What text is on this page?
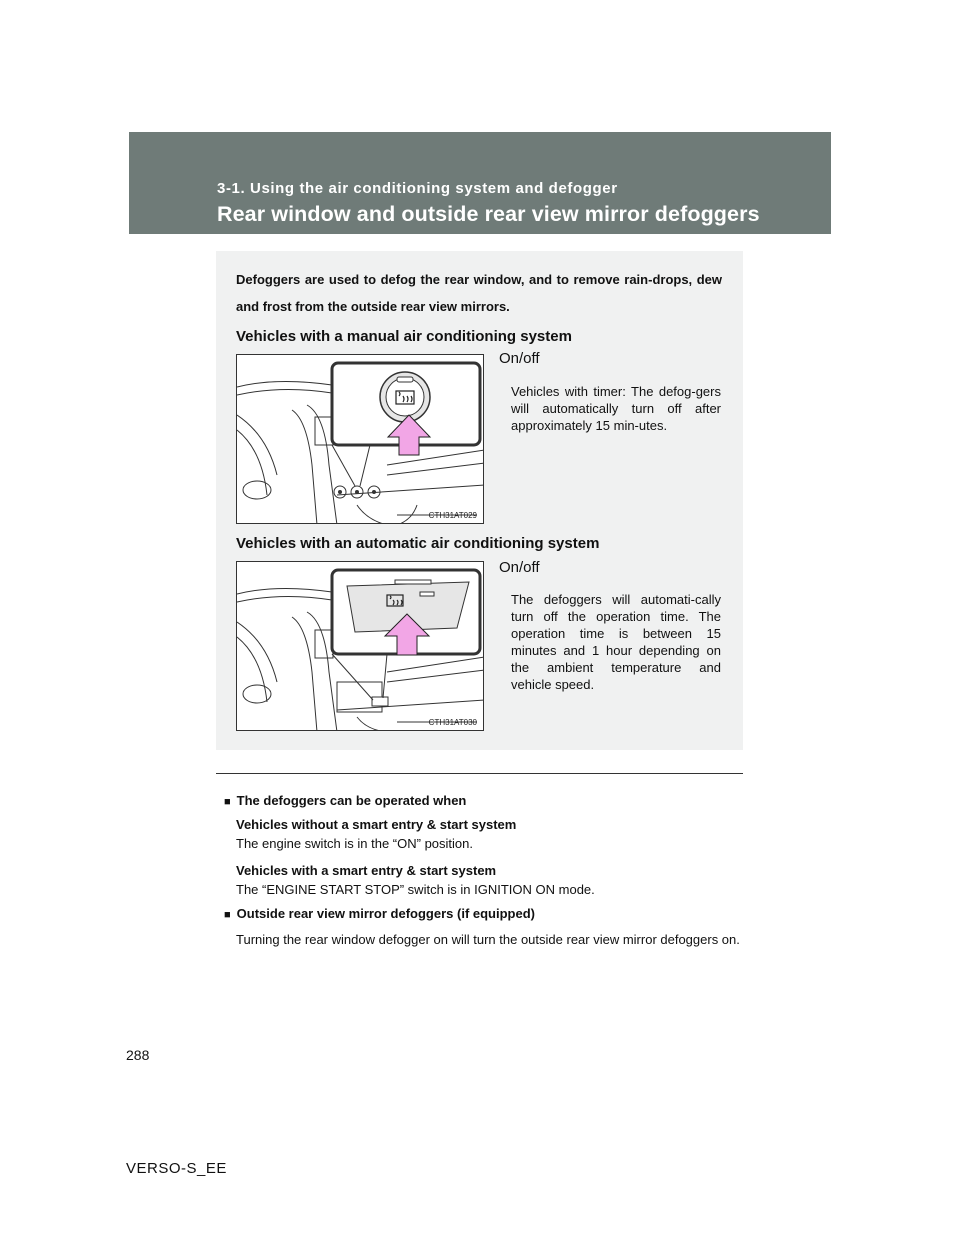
3-1. Using the air conditioning system and defogger
Rear window and outside rear view mirror defoggers
Defoggers are used to defog the rear window, and to remove rain-drops, dew and frost from the outside rear view mirrors.
Vehicles with a manual air conditioning system
CTH31AT029
On/off
Vehicles with timer: The defog-gers will automatically turn off after approximately 15 min-utes.
Vehicles with an automatic air conditioning system
CTH31AT030
On/off
The defoggers will automati-cally turn off the operation time. The operation time is between 15 minutes and 1 hour depending on the ambient temperature and vehicle speed.
■ The defoggers can be operated when
Vehicles without a smart entry & start system
The engine switch is in the “ON” position.
Vehicles with a smart entry & start system
The “ENGINE START STOP” switch is in IGNITION ON mode.
■ Outside rear view mirror defoggers (if equipped)
Turning the rear window defogger on will turn the outside rear view mirror defoggers on.
288
VERSO-S_EE
